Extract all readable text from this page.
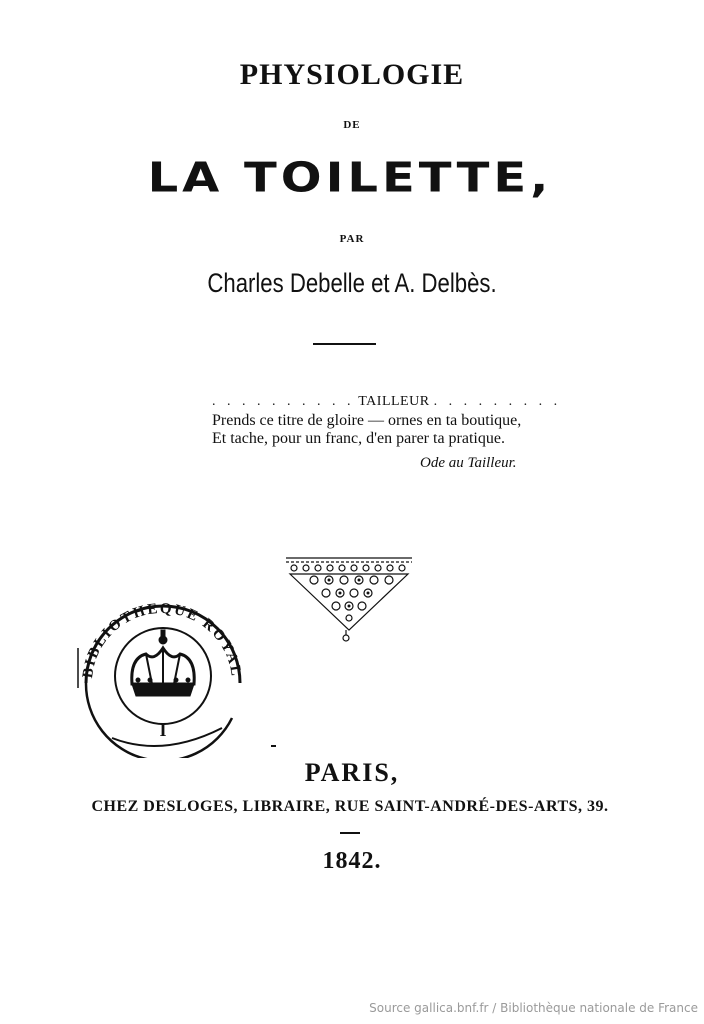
PHYSIOLOGIE
DE
LA TOILETTE,
PAR
Charles Debelle et A. Delbès.
. . . . . . . . . . TAILLEUR . . . . . . . . .
Prends ce titre de gloire — ornes en ta boutique,
Et tache, pour un franc, d'en parer ta pratique.
Ode au Tailleur.
BIBLIOTHEQUE ROYAL
I
PARIS,
CHEZ DESLOGES, LIBRAIRE, RUE SAINT-ANDRÉ-DES-ARTS, 39.
1842.
Source gallica.bnf.fr / Bibliothèque nationale de France
